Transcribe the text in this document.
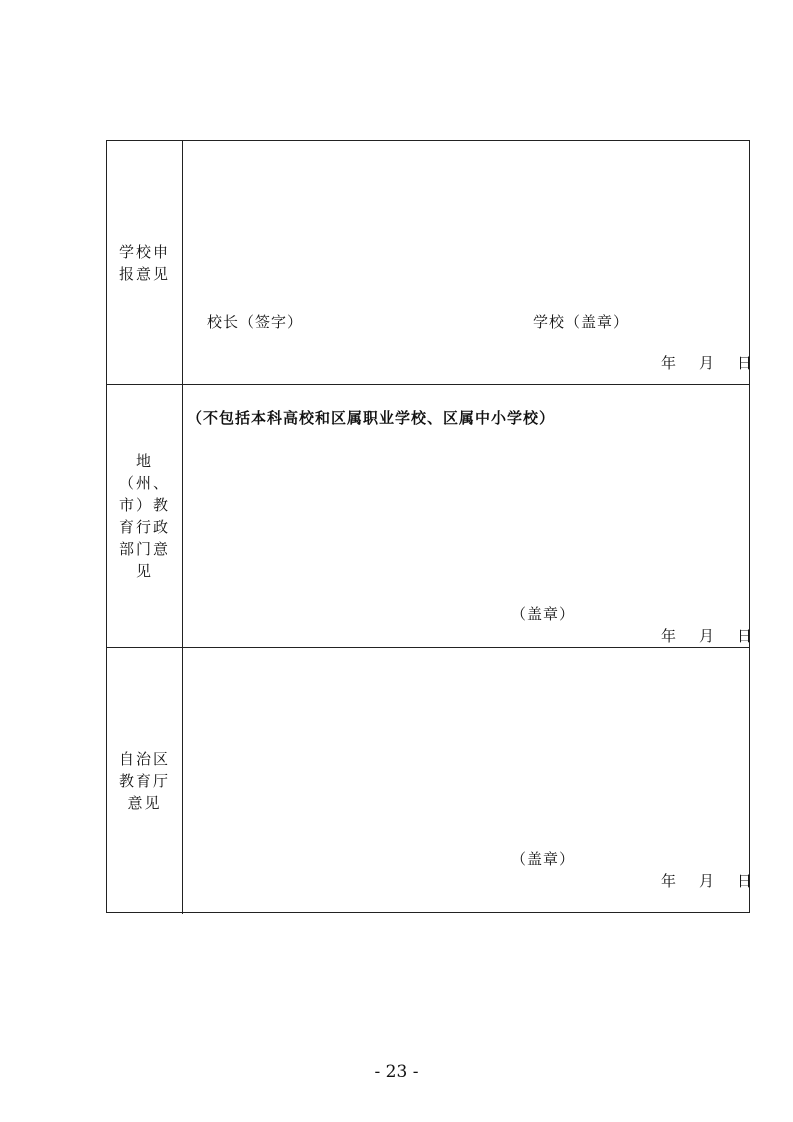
学校申报意见
校长（签字）	学校（盖章）
年	月	日
地（州、市）教育行政部门意见
（不包括本科高校和区属职业学校、区属中小学校）
（盖章）
年	月	日
自治区教育厅意见
（盖章）
年	月	日
- 23 -
